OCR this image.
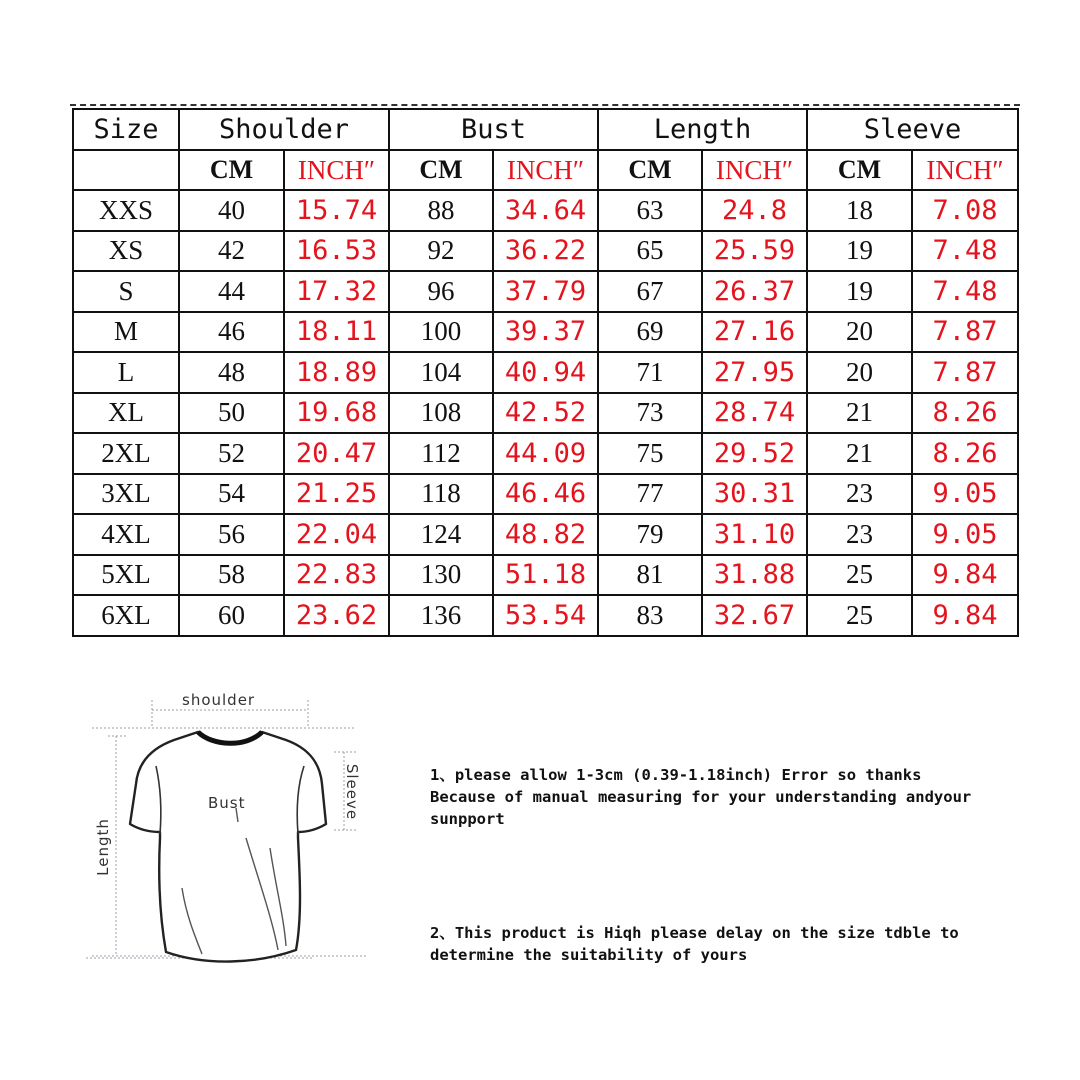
Size	Shoulder		Bust		Length		Sleeve	
	CM	INCH″	CM	INCH″	CM	INCH″	CM	INCH″
XXS	40	15.74	88	34.64	63	24.8	18	7.08
XS	42	16.53	92	36.22	65	25.59	19	7.48
S	44	17.32	96	37.79	67	26.37	19	7.48
M	46	18.11	100	39.37	69	27.16	20	7.87
L	48	18.89	104	40.94	71	27.95	20	7.87
XL	50	19.68	108	42.52	73	28.74	21	8.26
2XL	52	20.47	112	44.09	75	29.52	21	8.26
3XL	54	21.25	118	46.46	77	30.31	23	9.05
4XL	56	22.04	124	48.82	79	31.10	23	9.05
5XL	58	22.83	130	51.18	81	31.88	25	9.84
6XL	60	23.62	136	53.54	83	32.67	25	9.84
shoulder
Bust
Length
Sleeve	1、please allow 1-3cm (0.39-1.18inch) Error so thanks

Because of manual measuring for your understanding andyour

sunpport

2、This product is Hiqh please delay on the size tdble to

determine the suitability of yours
